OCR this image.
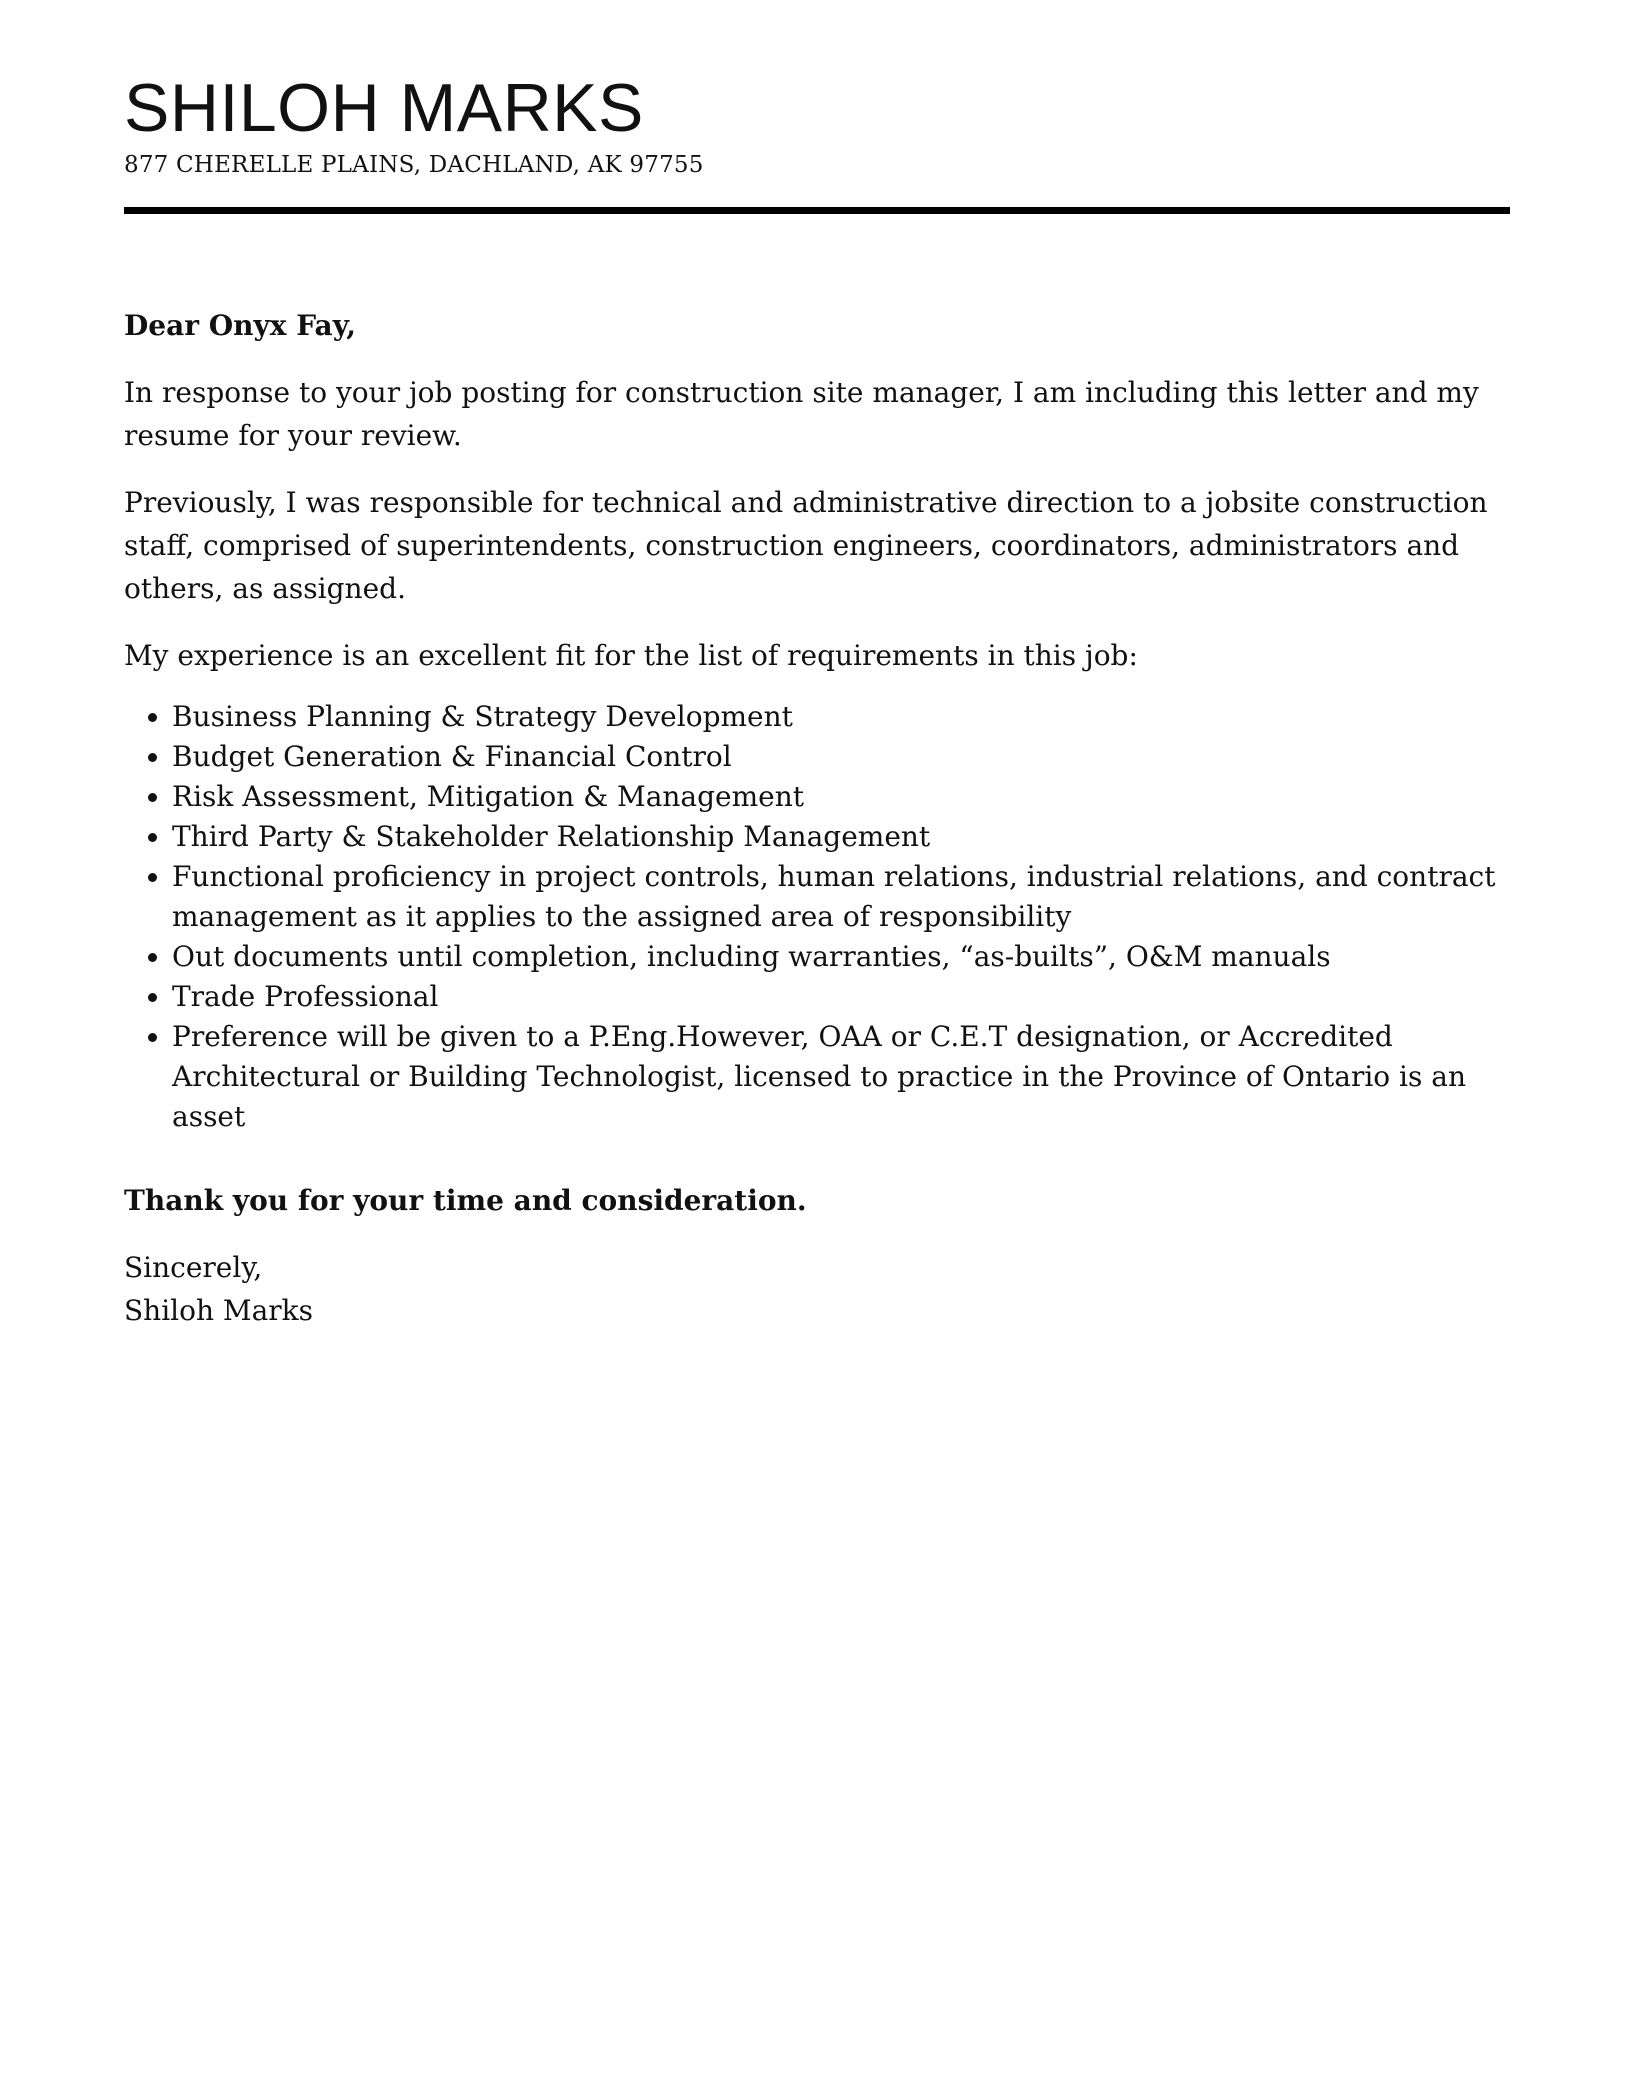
SHILOH MARKS
877 CHERELLE PLAINS, DACHLAND, AK 97755

Dear Onyx Fay,

In response to your job posting for construction site manager, I am including this letter and my resume for your review.

Previously, I was responsible for technical and administrative direction to a jobsite construction staff, comprised of superintendents, construction engineers, coordinators, administrators and others, as assigned.

My experience is an excellent fit for the list of requirements in this job:

• Business Planning & Strategy Development
• Budget Generation & Financial Control
• Risk Assessment, Mitigation & Management
• Third Party & Stakeholder Relationship Management
• Functional proficiency in project controls, human relations, industrial relations, and contract management as it applies to the assigned area of responsibility
• Out documents until completion, including warranties, “as-builts”, O&M manuals
• Trade Professional
• Preference will be given to a P.Eng.However, OAA or C.E.T designation, or Accredited Architectural or Building Technologist, licensed to practice in the Province of Ontario is an asset

Thank you for your time and consideration.

Sincerely,
Shiloh Marks
